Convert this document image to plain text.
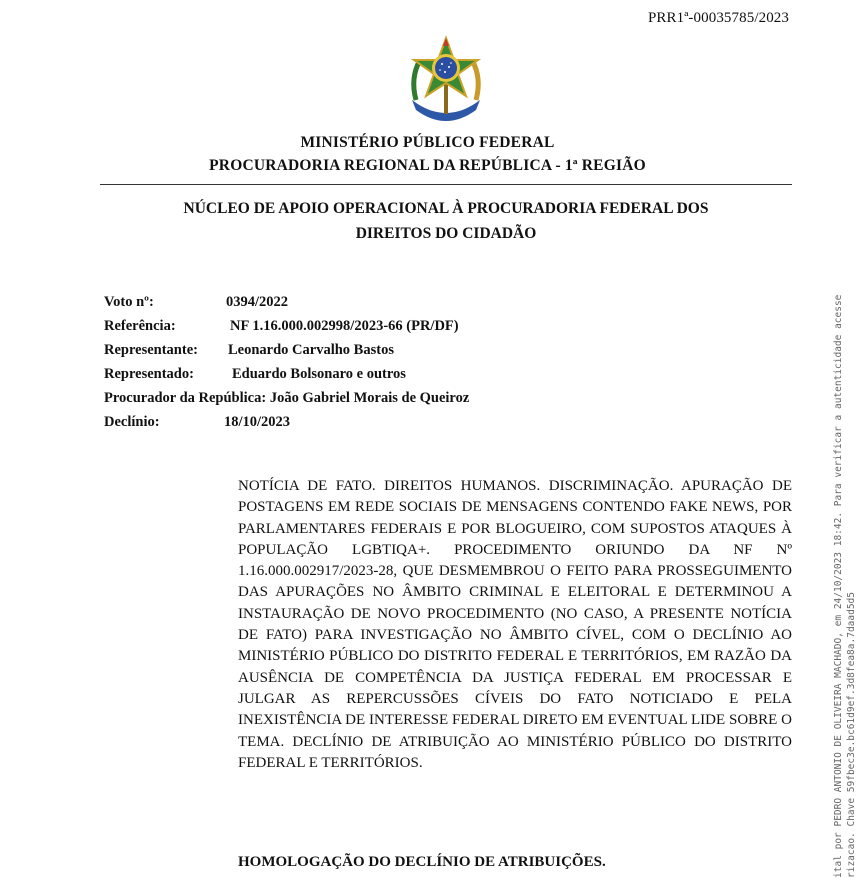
PRR1ª-00035785/2023
MINISTÉRIO PÚBLICO FEDERAL
PROCURADORIA REGIONAL DA REPÚBLICA - 1ª REGIÃO
NÚCLEO DE APOIO OPERACIONAL À PROCURADORIA FEDERAL DOS DIREITOS DO CIDADÃO
Voto nº:	0394/2022
Referência:	NF 1.16.000.002998/2023-66 (PR/DF)
Representante: Leonardo Carvalho Bastos
Representado:	Eduardo Bolsonaro e outros
Procurador da República: João Gabriel Morais de Queiroz
Declínio:	18/10/2023
NOTÍCIA DE FATO. DIREITOS HUMANOS. DISCRIMINAÇÃO. APURAÇÃO DE POSTAGENS EM REDE SOCIAIS DE MENSAGENS CONTENDO FAKE NEWS, POR PARLAMENTARES FEDERAIS E POR BLOGUEIRO, COM SUPOSTOS ATAQUES À POPULAÇÃO LGBTIQA+. PROCEDIMENTO ORIUNDO DA NF Nº 1.16.000.002917/2023-28, QUE DESMEMBROU O FEITO PARA PROSSEGUIMENTO DAS APURAÇÕES NO ÂMBITO CRIMINAL E ELEITORAL E DETERMINOU A INSTAURAÇÃO DE NOVO PROCEDIMENTO (NO CASO, A PRESENTE NOTÍCIA DE FATO) PARA INVESTIGAÇÃO NO ÂMBITO CÍVEL, COM O DECLÍNIO AO MINISTÉRIO PÚBLICO DO DISTRITO FEDERAL E TERRITÓRIOS, EM RAZÃO DA AUSÊNCIA DE COMPETÊNCIA DA JUSTIÇA FEDERAL EM PROCESSAR E JULGAR AS REPERCUSSÕES CÍVEIS DO FATO NOTICIADO E PELA INEXISTÊNCIA DE INTERESSE FEDERAL DIRETO EM EVENTUAL LIDE SOBRE O TEMA. DECLÍNIO DE ATRIBUIÇÃO AO MINISTÉRIO PÚBLICO DO DISTRITO FEDERAL E TERRITÓRIOS.
HOMOLOGAÇÃO DO DECLÍNIO DE ATRIBUIÇÕES.	ital por PEDRO ANTONIO DE OLIVEIRA MACHADO, em 24/10/2023 18:42. Para verificar a autenticidade acesse rizacao. Chave 59fbec3e.bc61d9ef.3d8fea8a.7daad5d5
